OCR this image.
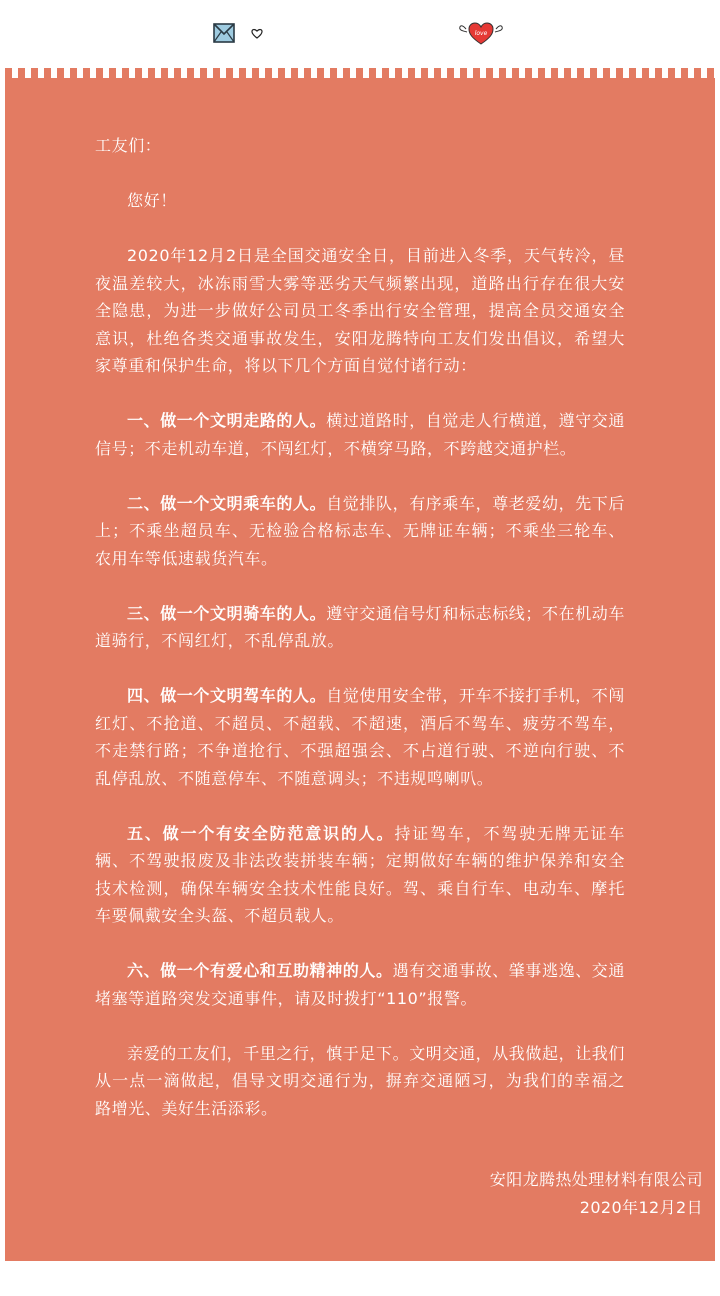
love

工友们：

您好！

2020年12月2日是全国交通安全日，目前进入冬季，天气转冷，昼夜温差较大，冰冻雨雪大雾等恶劣天气频繁出现，道路出行存在很大安全隐患，为进一步做好公司员工冬季出行安全管理，提高全员交通安全意识，杜绝各类交通事故发生，安阳龙腾特向工友们发出倡议，希望大家尊重和保护生命，将以下几个方面自觉付诸行动：

一、做一个文明走路的人。横过道路时，自觉走人行横道，遵守交通信号；不走机动车道，不闯红灯，不横穿马路，不跨越交通护栏。

二、做一个文明乘车的人。自觉排队，有序乘车，尊老爱幼，先下后上；不乘坐超员车、无检验合格标志车、无牌证车辆；不乘坐三轮车、农用车等低速载货汽车。

三、做一个文明骑车的人。遵守交通信号灯和标志标线；不在机动车道骑行，不闯红灯，不乱停乱放。

四、做一个文明驾车的人。自觉使用安全带，开车不接打手机，不闯红灯、不抢道、不超员、不超载、不超速，酒后不驾车、疲劳不驾车，不走禁行路；不争道抢行、不强超强会、不占道行驶、不逆向行驶、不乱停乱放、不随意停车、不随意调头；不违规鸣喇叭。

五、做一个有安全防范意识的人。持证驾车，不驾驶无牌无证车辆、不驾驶报废及非法改装拼装车辆；定期做好车辆的维护保养和安全技术检测，确保车辆安全技术性能良好。驾、乘自行车、电动车、摩托车要佩戴安全头盔、不超员载人。

六、做一个有爱心和互助精神的人。遇有交通事故、肇事逃逸、交通堵塞等道路突发交通事件，请及时拨打“110”报警。

亲爱的工友们，千里之行，慎于足下。文明交通，从我做起，让我们从一点一滴做起，倡导文明交通行为，摒弃交通陋习，为我们的幸福之路增光、美好生活添彩。

安阳龙腾热处理材料有限公司
2020年12月2日
